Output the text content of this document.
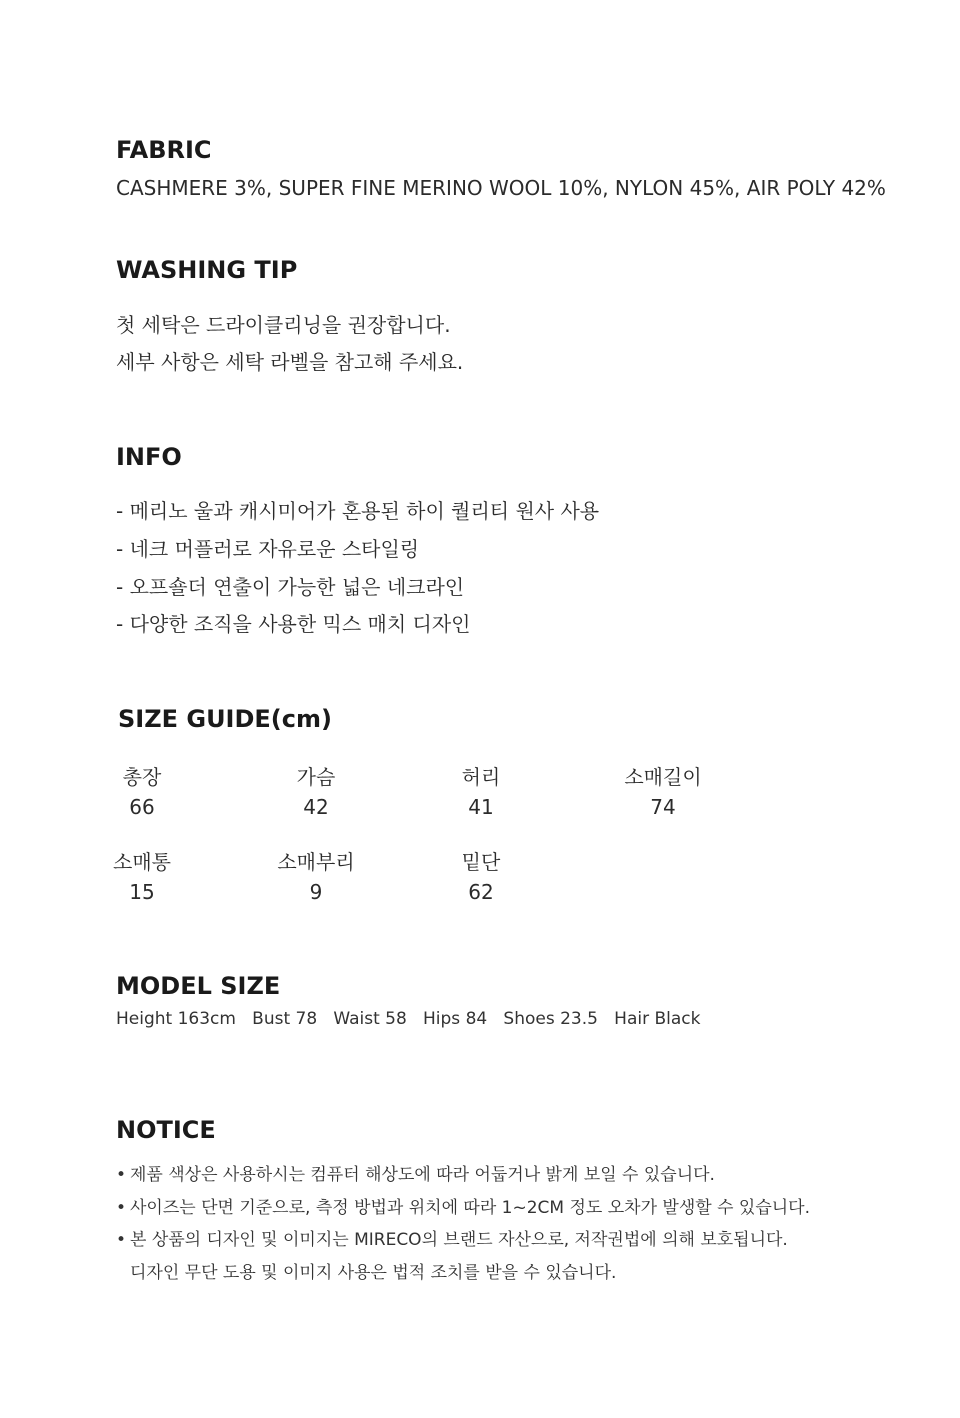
FABRIC
CASHMERE 3%, SUPER FINE MERINO WOOL 10%, NYLON 45%, AIR POLY 42%
WASHING TIP
첫 세탁은 드라이클리닝을 권장합니다.
세부 사항은 세탁 라벨을 참고해 주세요.
INFO
- 메리노 울과 캐시미어가 혼용된 하이 퀄리티 원사 사용
- 네크 머플러로 자유로운 스타일링
- 오프숄더 연출이 가능한 넓은 네크라인
- 다양한 조직을 사용한 믹스 매치 디자인
SIZE GUIDE(cm)
총장
66
가슴
42
허리
41
소매길이
74
소매통
15
소매부리
9
밑단
62
MODEL SIZE
Height 163cm   Bust 78   Waist 58   Hips 84   Shoes 23.5   Hair Black
NOTICE
• 제품 색상은 사용하시는 컴퓨터 해상도에 따라 어둡거나 밝게 보일 수 있습니다.
• 사이즈는 단면 기준으로, 측정 방법과 위치에 따라 1~2CM 정도 오차가 발생할 수 있습니다.
• 본 상품의 디자인 및 이미지는 MIRECO의 브랜드 자산으로, 저작권법에 의해 보호됩니다.
디자인 무단 도용 및 이미지 사용은 법적 조치를 받을 수 있습니다.
